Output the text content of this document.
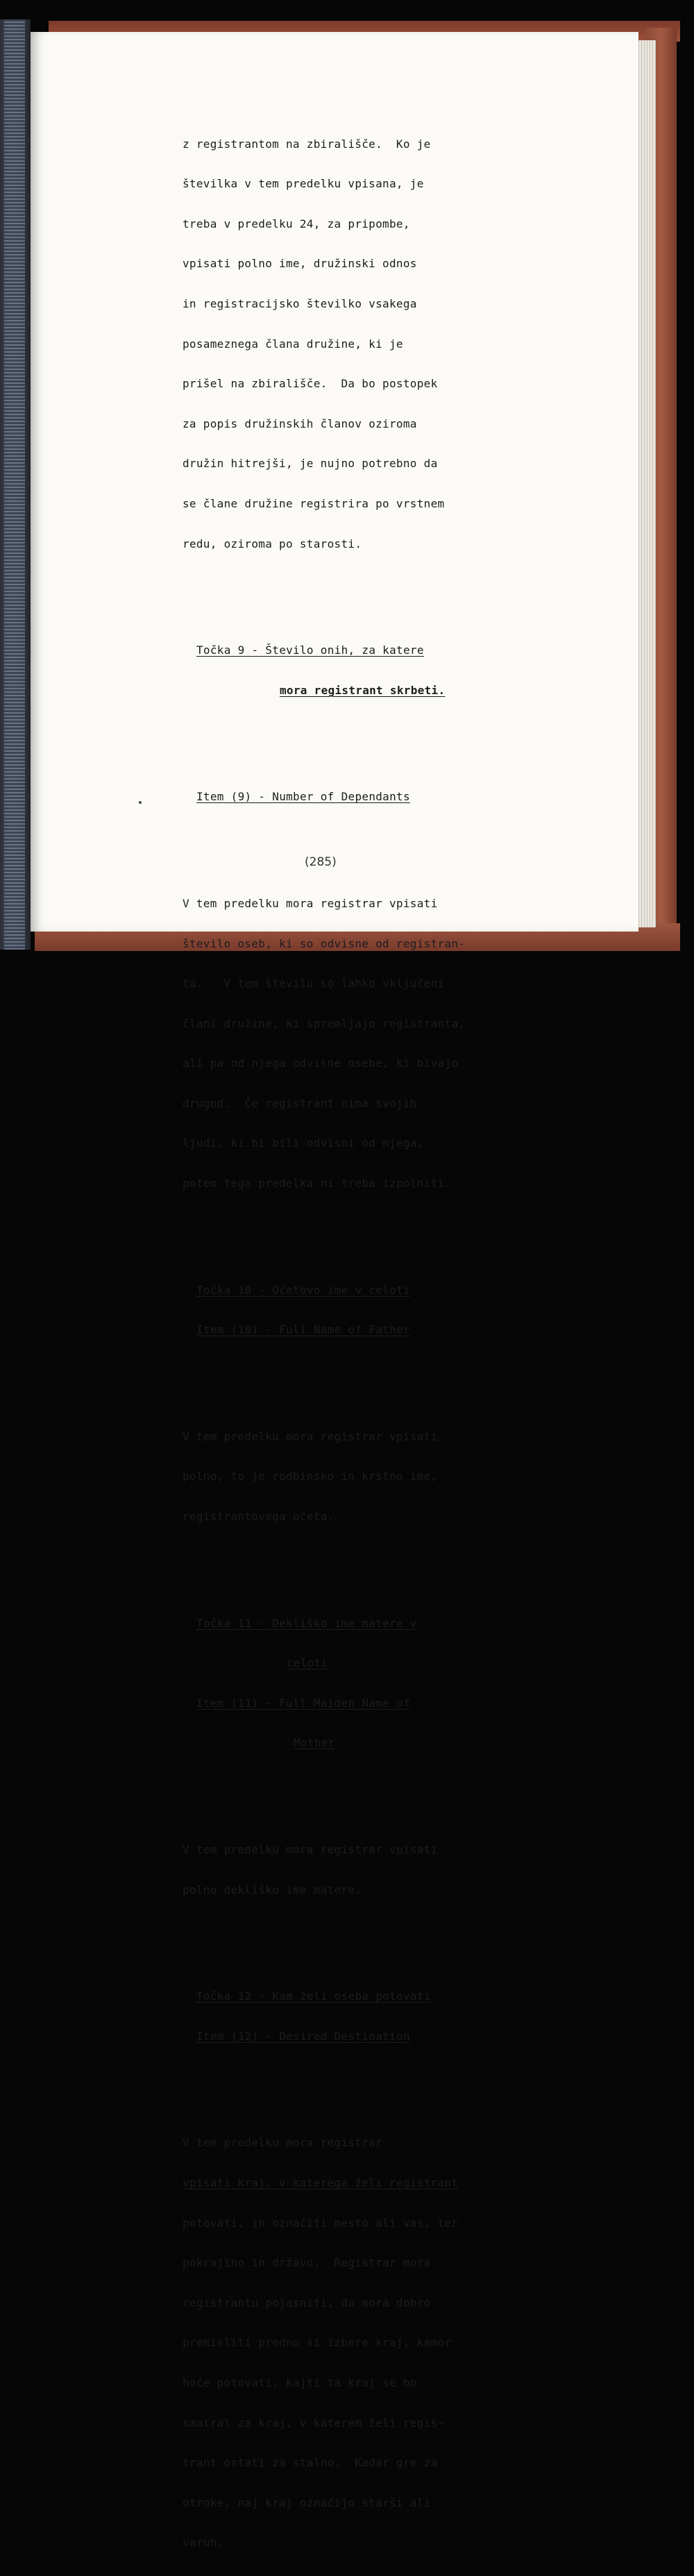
z registrantom na zbirališče.  Ko je

številka v tem predelku vpisana, je

treba v predelku 24, za pripombe,

vpisati polno ime, družinski odnos

in registracijsko številko vsakega

posameznega člana družine, ki je

prišel na zbirališče.  Da bo postopek

za popis družinskih članov oziroma

družin hitrejši, je nujno potrebno da

se člane družine registrira po vrstnem

redu, oziroma po starosti.

Točka 9 - Število onih, za katere

mora registrant skrbeti.

Item (9) - Number of Dependants

V tem predelku mora registrar vpisati

število oseb, ki so odvisne od registran-

ta.   V tem številu so lahko vključeni

člani družine, ki spremljajo registranta,

ali pa od njega odvisne osebe, ki bivajo

drugod.  Če registrant nima svojih

ljudi, ki bi bili odvisni od njega,

potem tega predelka ni treba izpolniti.

Točka 10 - Očetovo ime v celoti

Item (10) - Full Name of Father

V tem predelku mora registrar vpisati

polno, to je rodbinsko in krstno ime,

registrantovega očeta.

Točka 11 - Dekliško ime matere v

celoti

Item (11) - Full Maiden Name of

Mother

V tem predelku mora registrar vpisati

polno dekliško ime matere.

Točka 12 - Kam želi oseba potovati

Item (12) - Desired Destination

V tem predelku mora registrar

vpisati kraj, v katerega želi registrant

potovati, in označiti mesto ali vas, ter

pokrajino in državo.  Registrar mora

registrantu pojasniti, da mora dobro

premisliti predno si izbere kraj, kamor

hoče potovati, kajti ta kraj se bo

smatral za kraj, v katerem želi regis-

trant ostati za stalno.  Kadar gre za

otroke, naj kraj označijo starši ali

varuh.

(285)
